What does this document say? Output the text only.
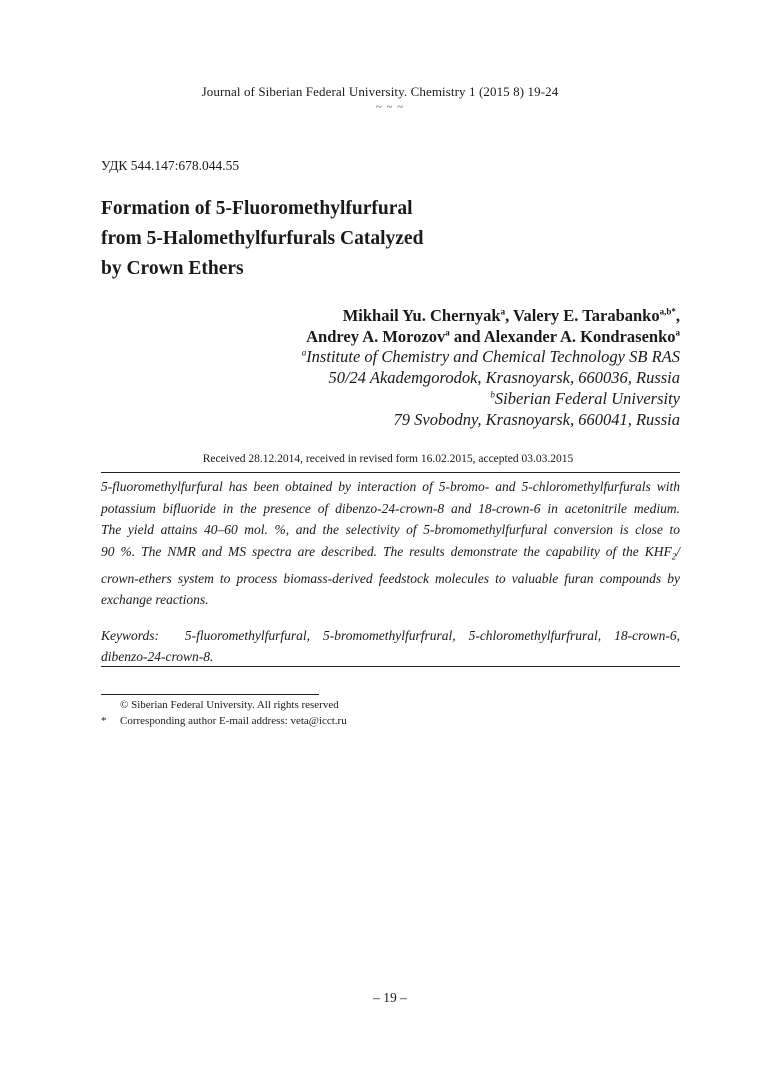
Journal of Siberian Federal University. Chemistry 1 (2015 8) 19-24
~ ~ ~
УДК 544.147:678.044.55
Formation of 5-Fluoromethylfurfural
from 5-Halomethylfurfurals Catalyzed
by Crown Ethers
Mikhail Yu. Chernyak$^a$, Valery E. Tarabanko$^{a,b*}$,
Andrey A. Morozov$^a$ and Alexander A. Kondrasenko$^a$
$^a$Institute of Chemistry and Chemical Technology SB RAS
50/24 Akademgorodok, Krasnoyarsk, 660036, Russia
$^b$Siberian Federal University
79 Svobodny, Krasnoyarsk, 660041, Russia
Received 28.12.2014, received in revised form 16.02.2015, accepted 03.03.2015
5-fluoromethylfurfural has been obtained by interaction of 5-bromo- and 5-chloromethylfurfurals with
potassium bifluoride in the presence of dibenzo-24-crown-8 and 18-crown-6 in acetonitrile medium.
The yield attains 40–60 mol. %, and the selectivity of 5-bromomethylfurfural conversion is close to
90 %. The NMR and MS spectra are described. The results demonstrate the capability of the $KHF_2/$
crown-ethers system to process biomass-derived feedstock molecules to valuable furan compounds by
exchange reactions.
Keywords: 5-fluoromethylfurfural, 5-bromomethylfurfrural, 5-chloromethylfurfrural, 18-crown-6,
dibenzo-24-crown-8.
© Siberian Federal University. All rights reserved
* Corresponding author E-mail address: veta@icct.ru
– 19 –
